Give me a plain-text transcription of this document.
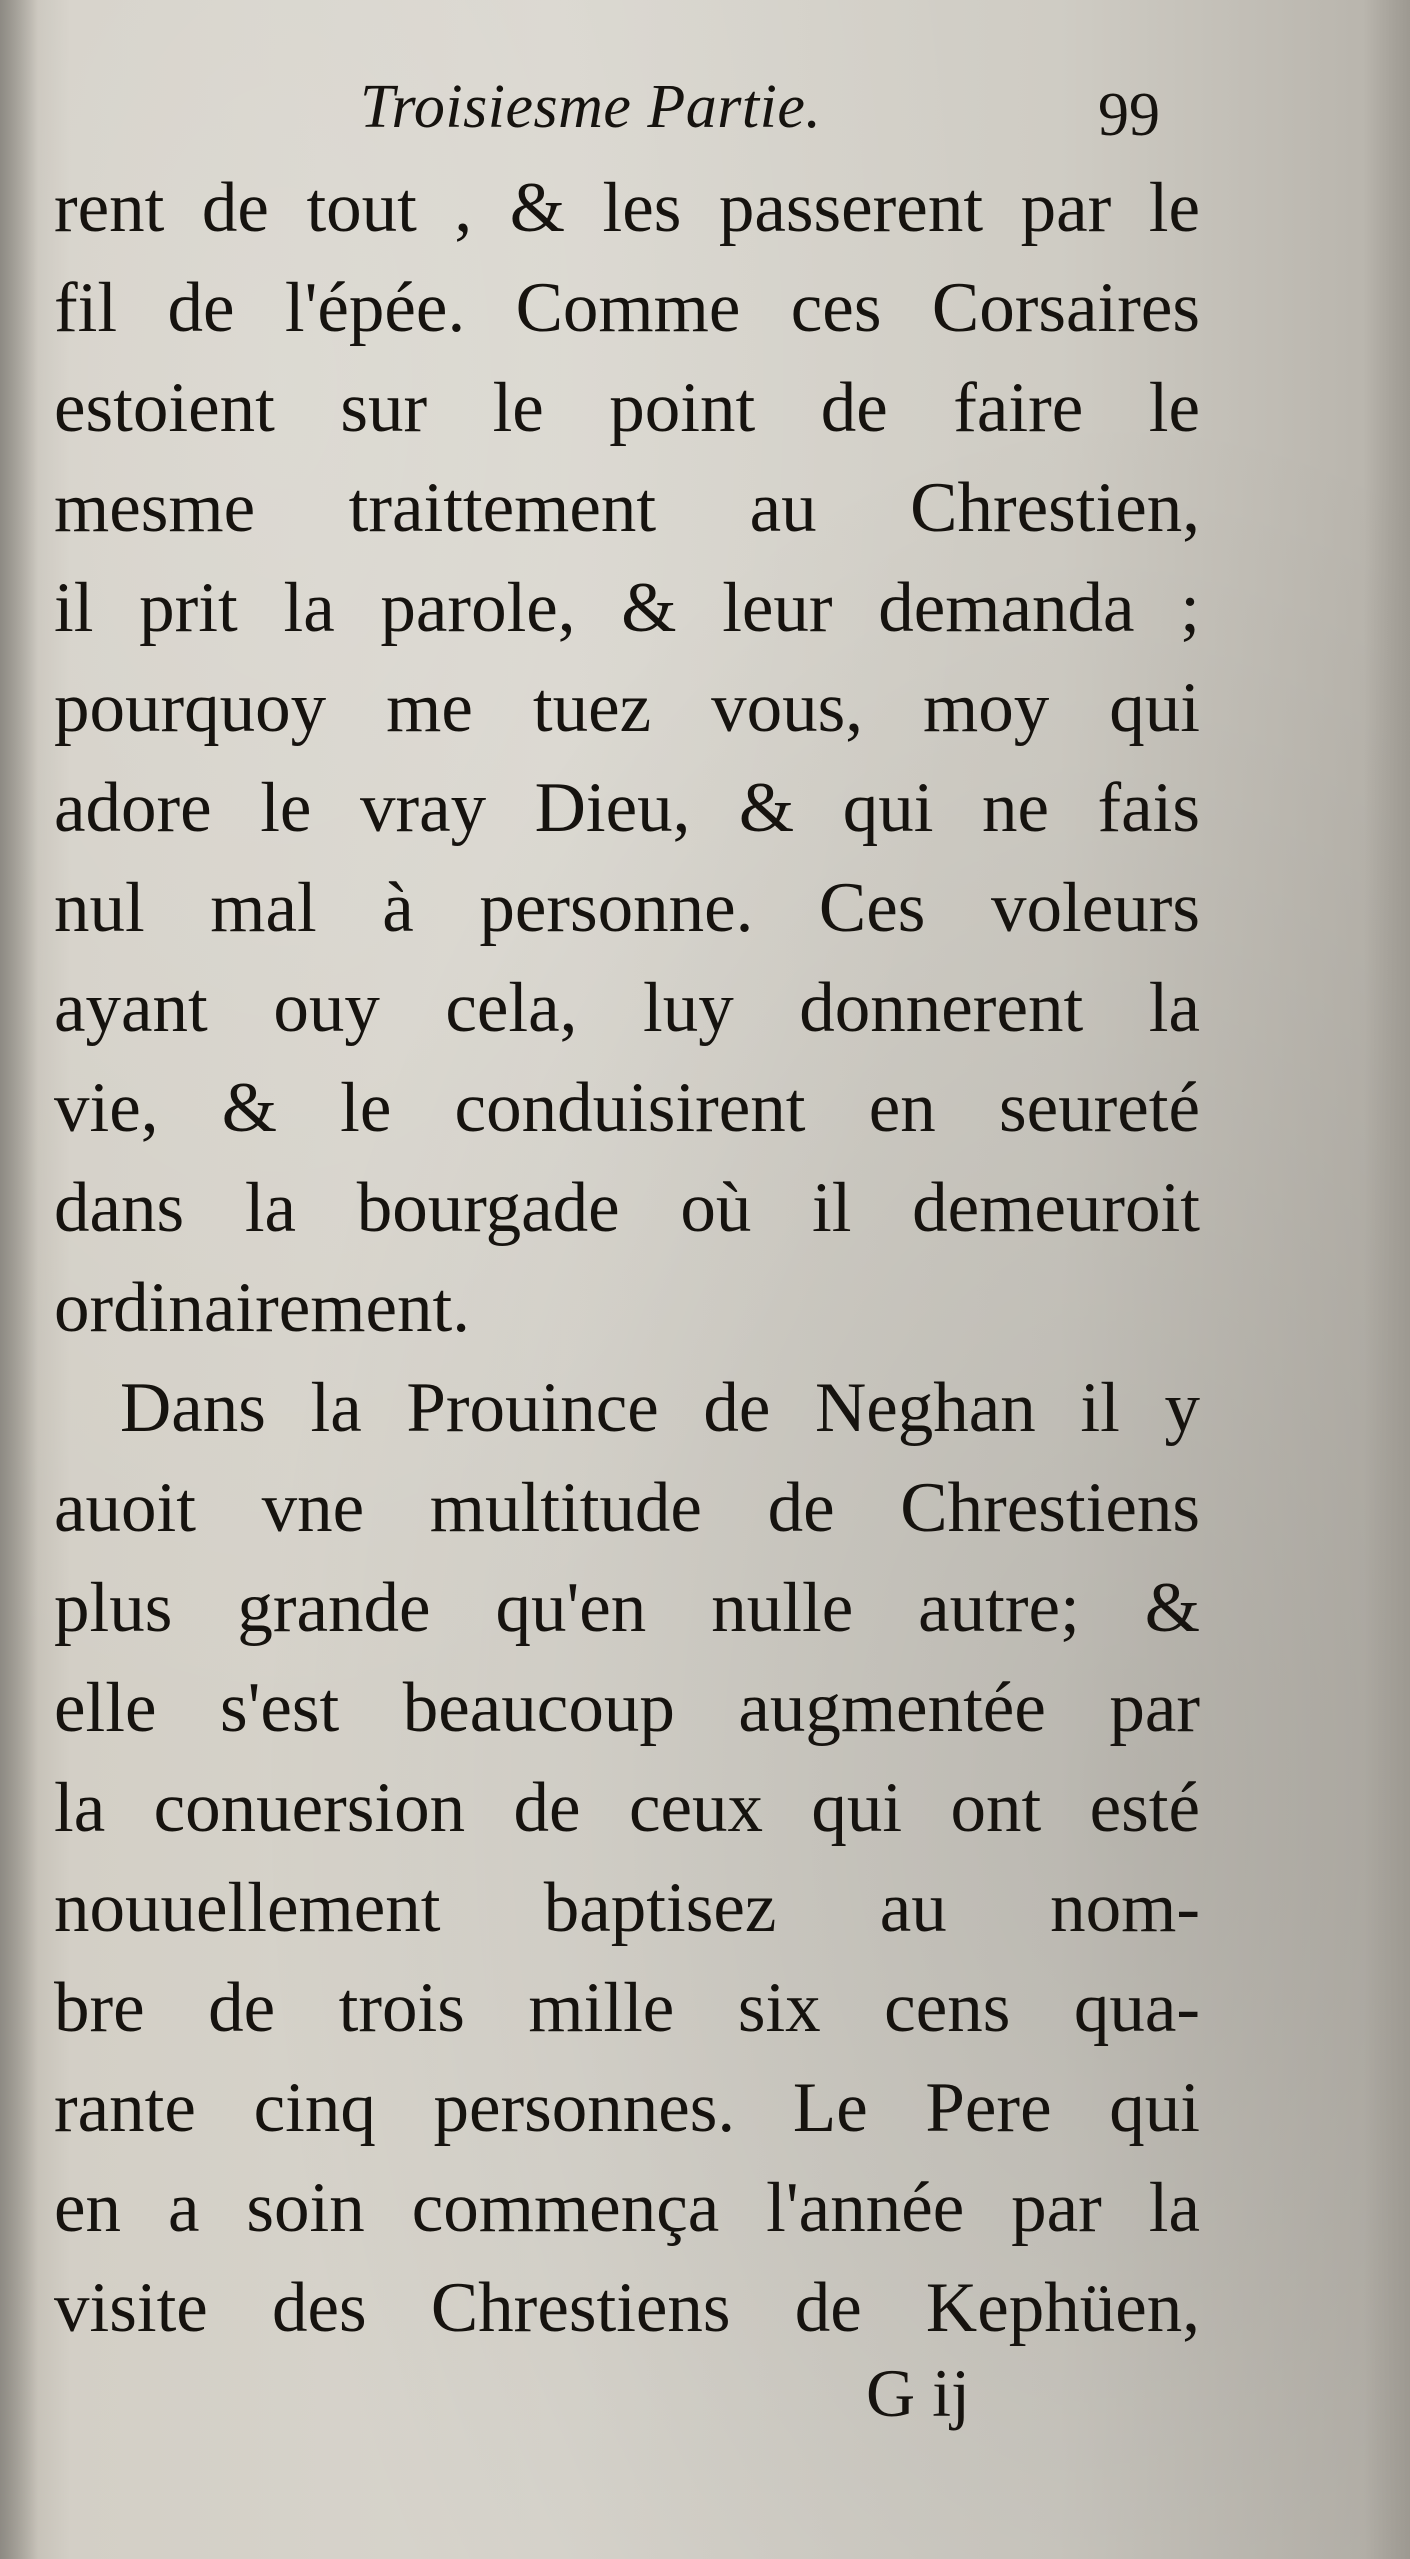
Troisiesme Partie.	99
rent de tout , & les passerent par le
fil de l'épée. Comme ces Corsaires
estoient sur le point de faire le
mesme traittement au Chrestien,
il prit la parole, & leur demanda ;
pourquoy me tuez vous, moy qui
adore le vray Dieu, & qui ne fais
nul mal à personne. Ces voleurs
ayant ouy cela, luy donnerent la
vie, & le conduisirent en seureté
dans la bourgade où il demeuroit
ordinairement.
Dans la Prouince de Neghan il y
auoit vne multitude de Chrestiens
plus grande qu'en nulle autre; &
elle s'est beaucoup augmentée par
la conuersion de ceux qui ont esté
nouuellement baptisez au nom-
bre de trois mille six cens qua-
rante cinq personnes. Le Pere qui
en a soin commença l'année par la
visite des Chrestiens de Kephüen,
G ij
